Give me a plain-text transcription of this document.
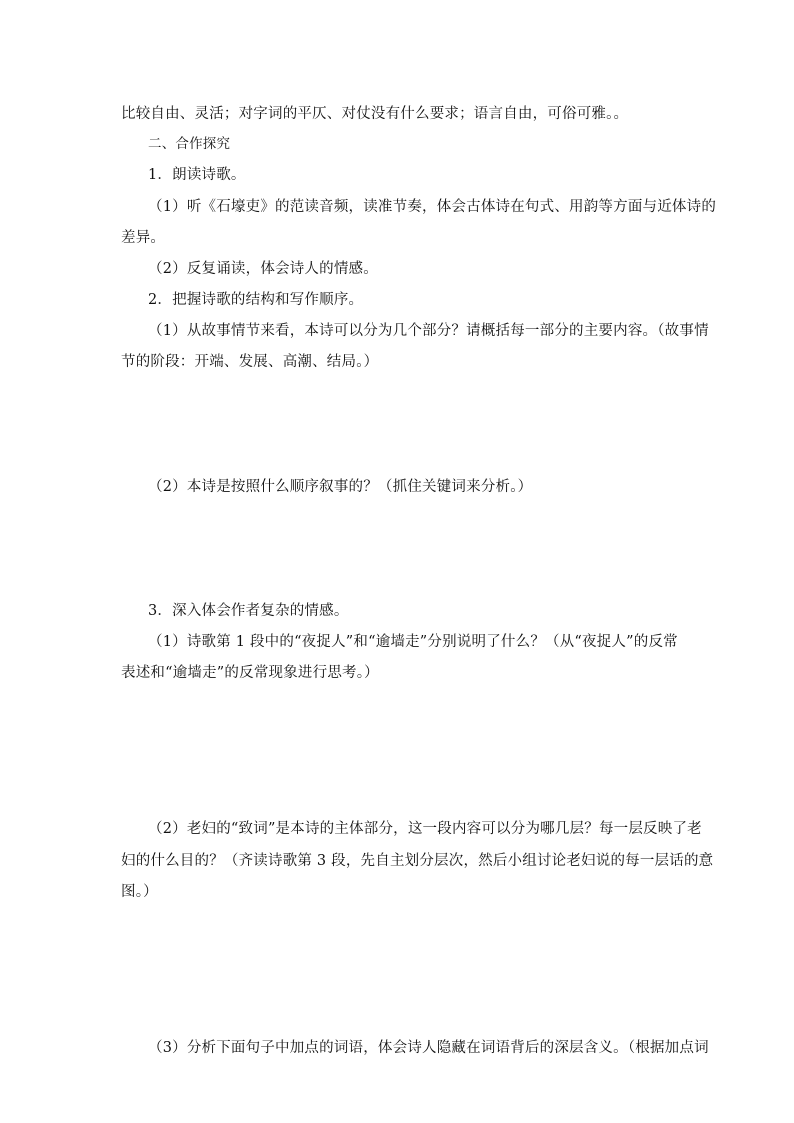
比较自由、灵活；对字词的平仄、对仗没有什么要求；语言自由，可俗可雅。。
二、合作探究
1．朗读诗歌。
（1）听《石壕吏》的范读音频，读准节奏，体会古体诗在句式、用韵等方面与近体诗的
差异。
（2）反复诵读，体会诗人的情感。
2．把握诗歌的结构和写作顺序。
（1）从故事情节来看，本诗可以分为几个部分？请概括每一部分的主要内容。（故事情
节的阶段：开端、发展、高潮、结局。）
（2）本诗是按照什么顺序叙事的？（抓住关键词来分析。）
3．深入体会作者复杂的情感。
（1）诗歌第 1 段中的“夜捉人”和“逾墙走”分别说明了什么？（从“夜捉人”的反常
表述和“逾墙走”的反常现象进行思考。）
（2）老妇的“致词”是本诗的主体部分，这一段内容可以分为哪几层？每一层反映了老
妇的什么目的？（齐读诗歌第 3 段，先自主划分层次，然后小组讨论老妇说的每一层话的意
图。）
（3）分析下面句子中加点的词语，体会诗人隐藏在词语背后的深层含义。（根据加点词
